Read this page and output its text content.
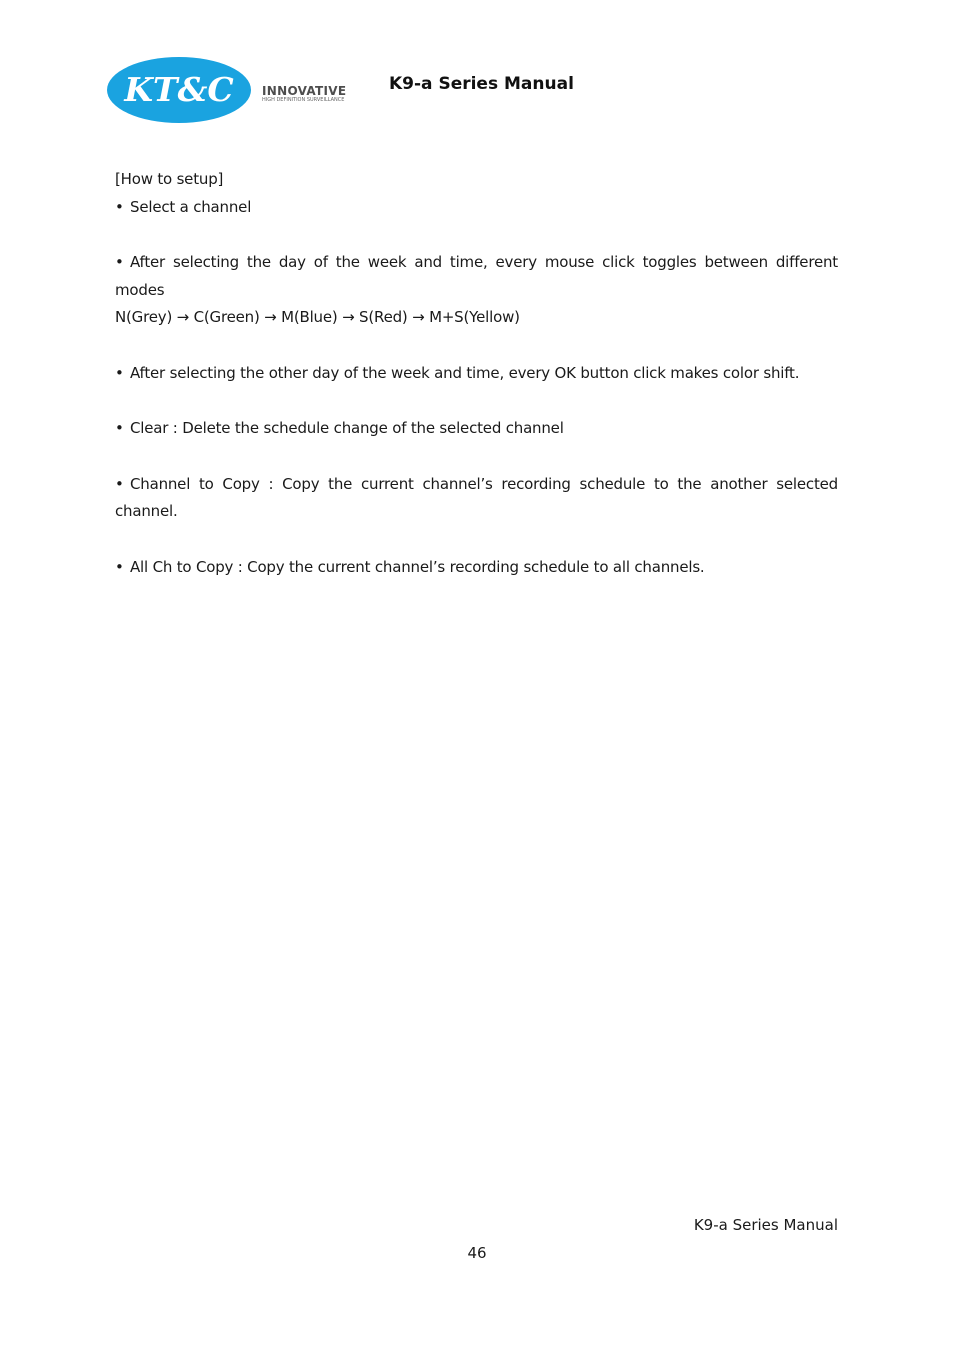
KT&C INNOVATIVE
HIGH DEFINITION SURVEILLANCE
K9-a Series Manual

[How to setup]

• Select a channel

• After selecting the day of the week and time, every mouse click toggles between different modes

N(Grey) → C(Green) → M(Blue) → S(Red) → M+S(Yellow)

• After selecting the other day of the week and time, every OK button click makes color shift.

• Clear : Delete the schedule change of the selected channel

• Channel to Copy : Copy the current channel’s recording schedule to the another selected channel.

• All Ch to Copy : Copy the current channel’s recording schedule to all channels.

K9-a Series Manual
46
